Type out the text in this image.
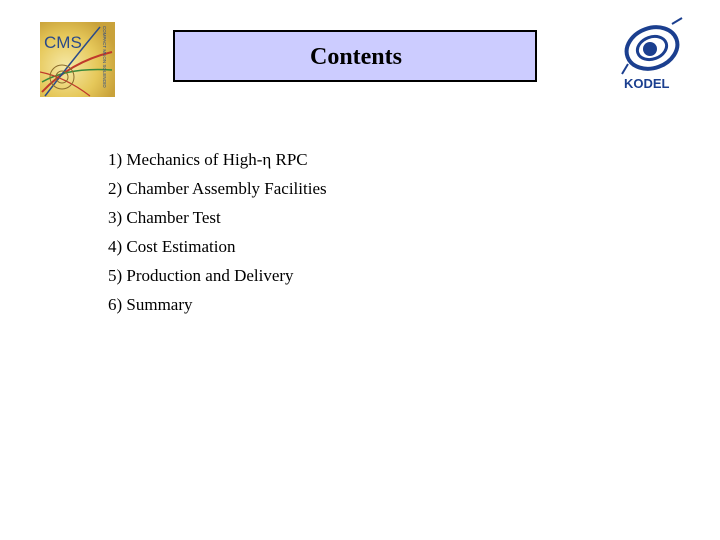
CMS	COMPACT MUON SOLENOID	Contents
KODEL
1) Mechanics of High-η RPC
2) Chamber Assembly Facilities
3) Chamber Test
4) Cost Estimation
5) Production and Delivery
6) Summary
